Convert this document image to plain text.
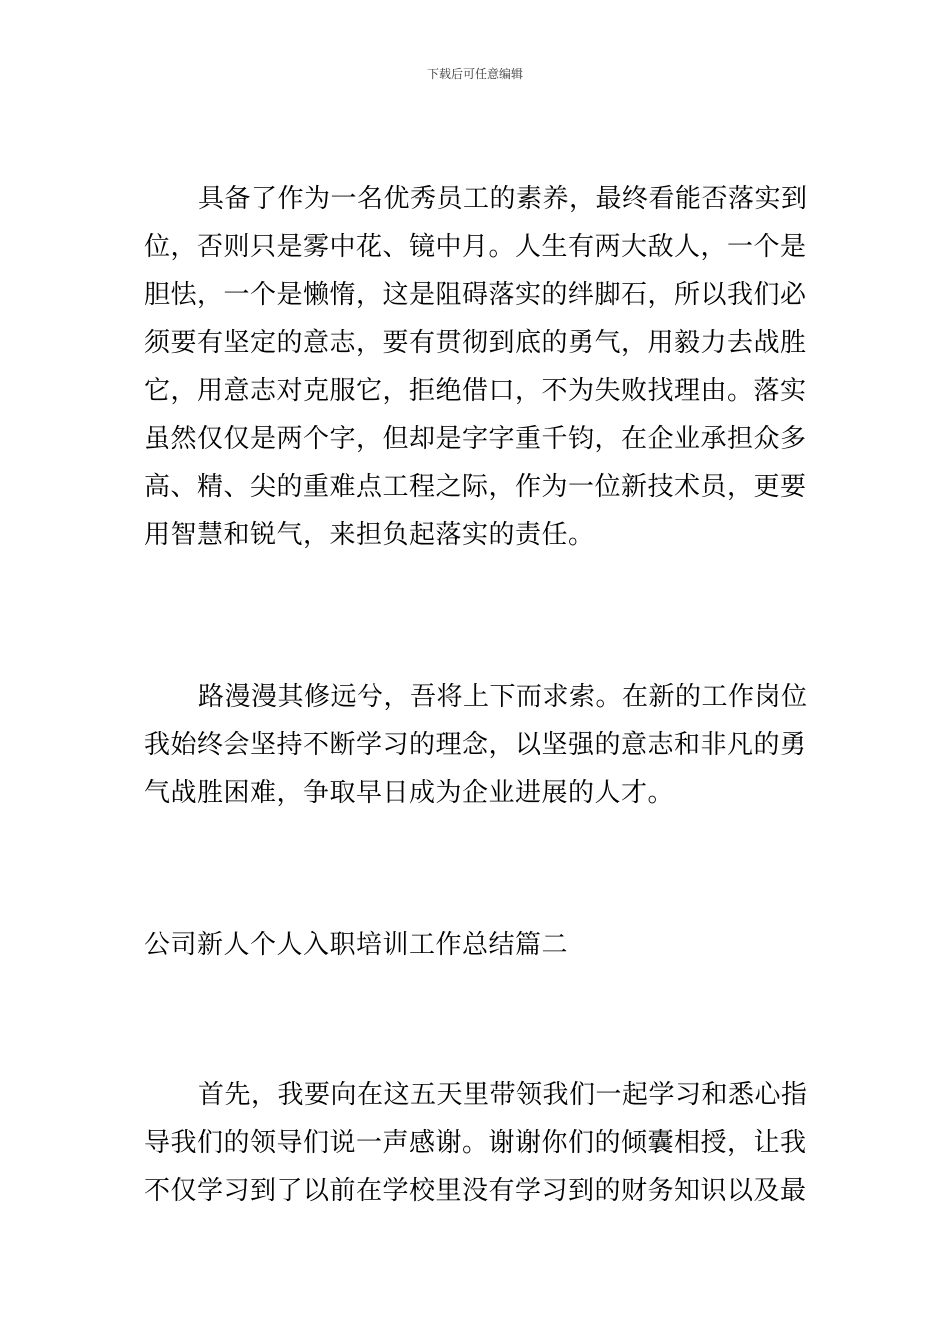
下载后可任意编辑
具备了作为一名优秀员工的素养，最终看能否落实到
位，否则只是雾中花、镜中月。人生有两大敌人，一个是
胆怯，一个是懒惰，这是阻碍落实的绊脚石，所以我们必
须要有坚定的意志，要有贯彻到底的勇气，用毅力去战胜
它，用意志对克服它，拒绝借口，不为失败找理由。落实
虽然仅仅是两个字，但却是字字重千钧，在企业承担众多
高、精、尖的重难点工程之际，作为一位新技术员，更要
用智慧和锐气，来担负起落实的责任。
路漫漫其修远兮，吾将上下而求索。在新的工作岗位
我始终会坚持不断学习的理念，以坚强的意志和非凡的勇
气战胜困难，争取早日成为企业进展的人才。
公司新人个人入职培训工作总结篇二
首先，我要向在这五天里带领我们一起学习和悉心指
导我们的领导们说一声感谢。谢谢你们的倾囊相授，让我
不仅学习到了以前在学校里没有学习到的财务知识以及最
